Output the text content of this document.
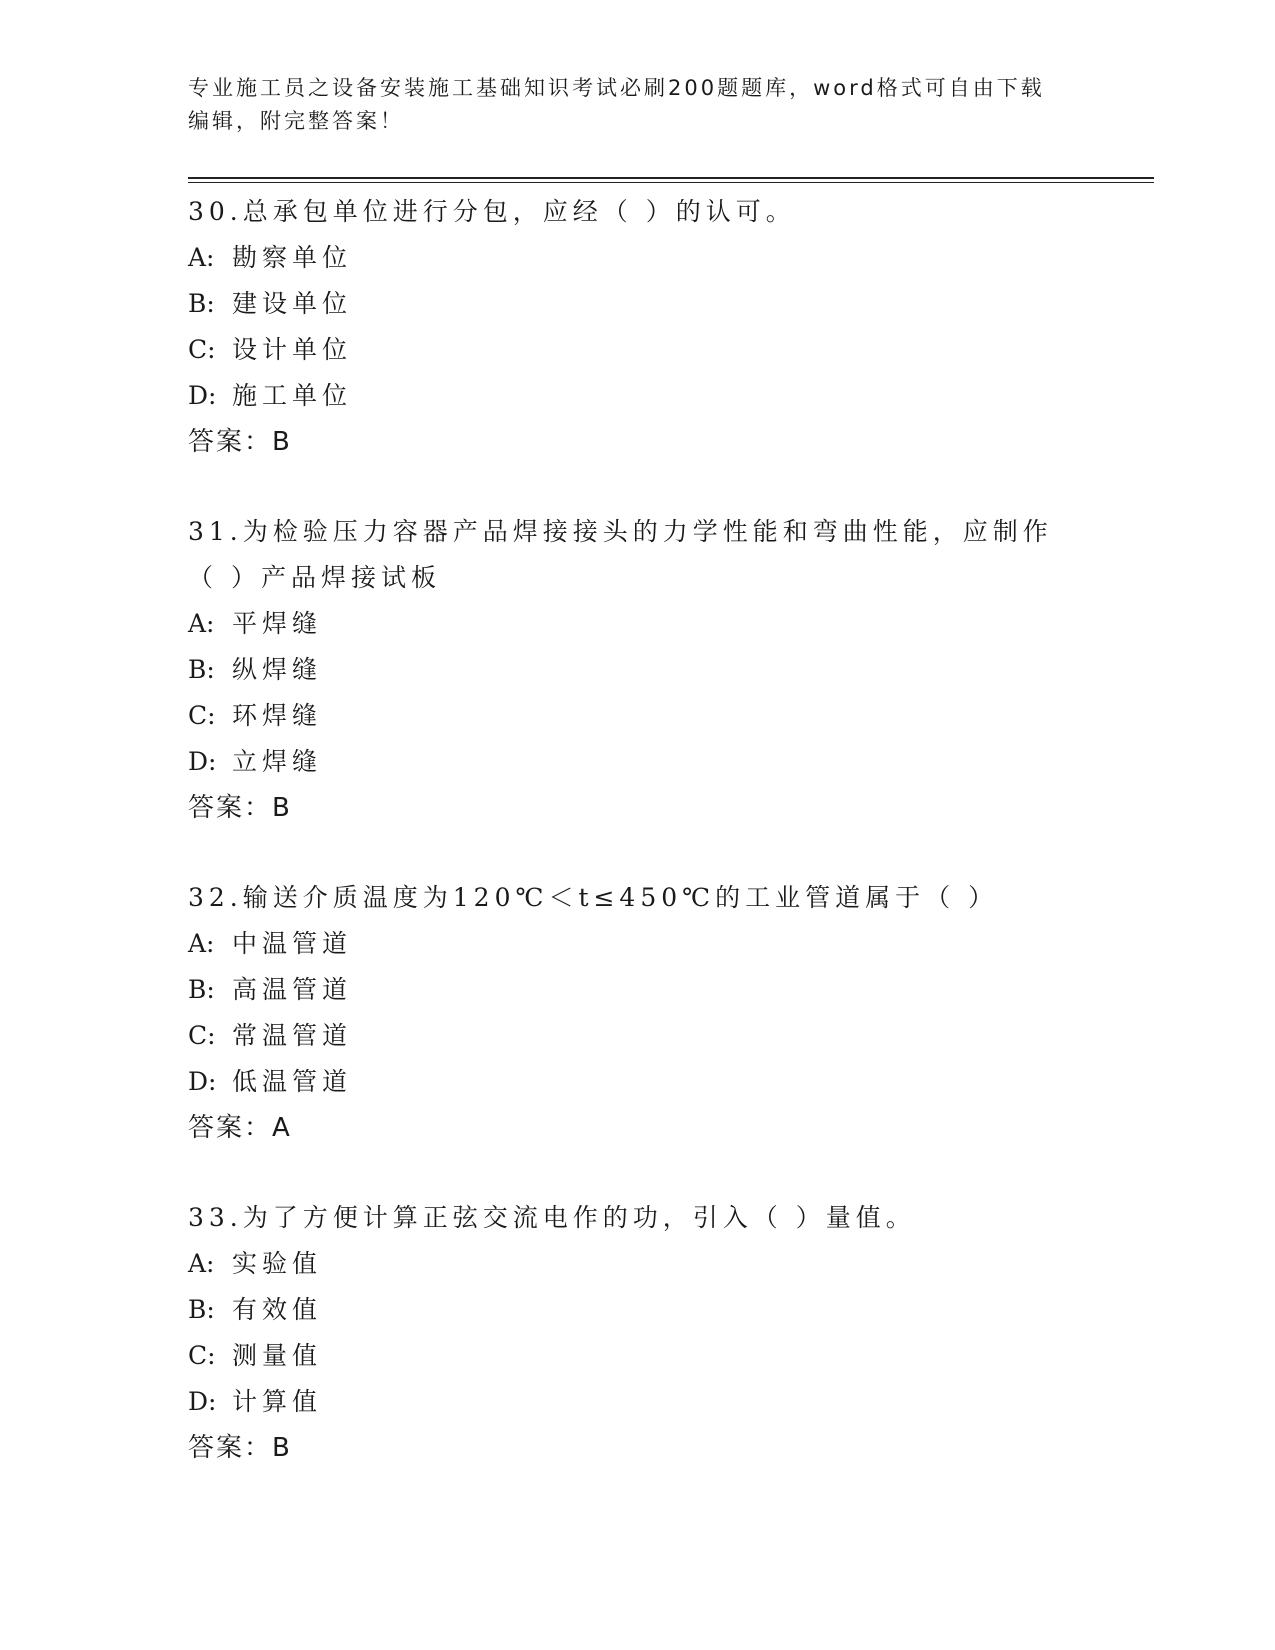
专业施工员之设备安装施工基础知识考试必刷200题题库，word格式可自由下载
编辑，附完整答案！

30.总承包单位进行分包，应经（ ）的认可。

A: 勘察单位

B: 建设单位

C: 设计单位

D: 施工单位

答案：B

31.为检验压力容器产品焊接接头的力学性能和弯曲性能，应制作（ ）产品焊接试板

A: 平焊缝

B: 纵焊缝

C: 环焊缝

D: 立焊缝

答案：B

32.输送介质温度为120℃＜t≤450℃的工业管道属于（ ）

A: 中温管道

B: 高温管道

C: 常温管道

D: 低温管道

答案：A

33.为了方便计算正弦交流电作的功，引入（ ）量值。

A: 实验值

B: 有效值

C: 测量值

D: 计算值

答案：B
